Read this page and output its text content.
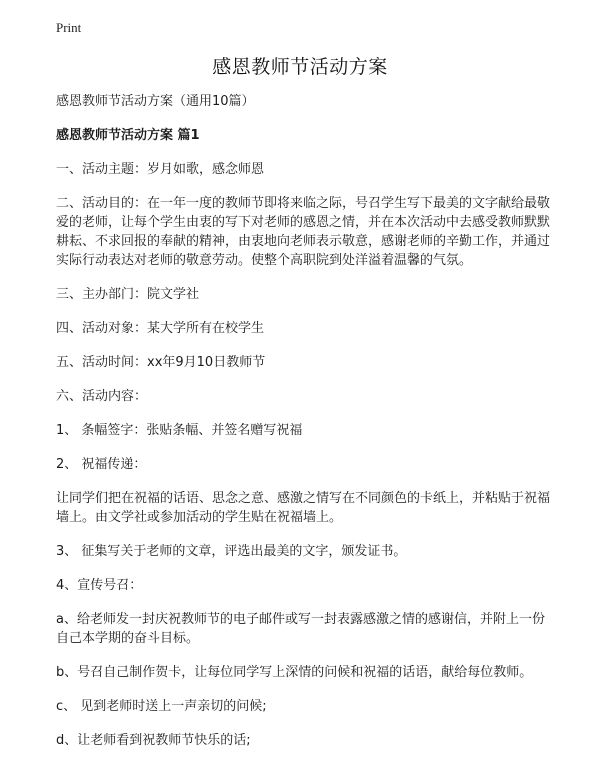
Print
感恩教师节活动方案
感恩教师节活动方案（通用10篇）
感恩教师节活动方案 篇1
一、活动主题：岁月如歌，感念师恩
二、活动目的：在一年一度的教师节即将来临之际，号召学生写下最美的文字献给最敬爱的老师，让每个学生由衷的写下对老师的感恩之情，并在本次活动中去感受教师默默耕耘、不求回报的奉献的精神，由衷地向老师表示敬意，感谢老师的辛勤工作，并通过实际行动表达对老师的敬意劳动。使整个高职院到处洋溢着温馨的气氛。
三、主办部门：院文学社
四、活动对象：某大学所有在校学生
五、活动时间：xx年9月10日教师节
六、活动内容：
1、 条幅签字：张贴条幅、并签名赠写祝福
2、 祝福传递：
让同学们把在祝福的话语、思念之意、感激之情写在不同颜色的卡纸上，并粘贴于祝福墙上。由文学社或参加活动的学生贴在祝福墙上。
3、 征集写关于老师的文章，评选出最美的文字，颁发证书。
4、宣传号召：
a、给老师发一封庆祝教师节的电子邮件或写一封表露感激之情的感谢信，并附上一份自己本学期的奋斗目标。
b、号召自己制作贺卡，让每位同学写上深情的问候和祝福的话语，献给每位教师。
c、 见到老师时送上一声亲切的问候;
d、让老师看到祝教师节快乐的话;
